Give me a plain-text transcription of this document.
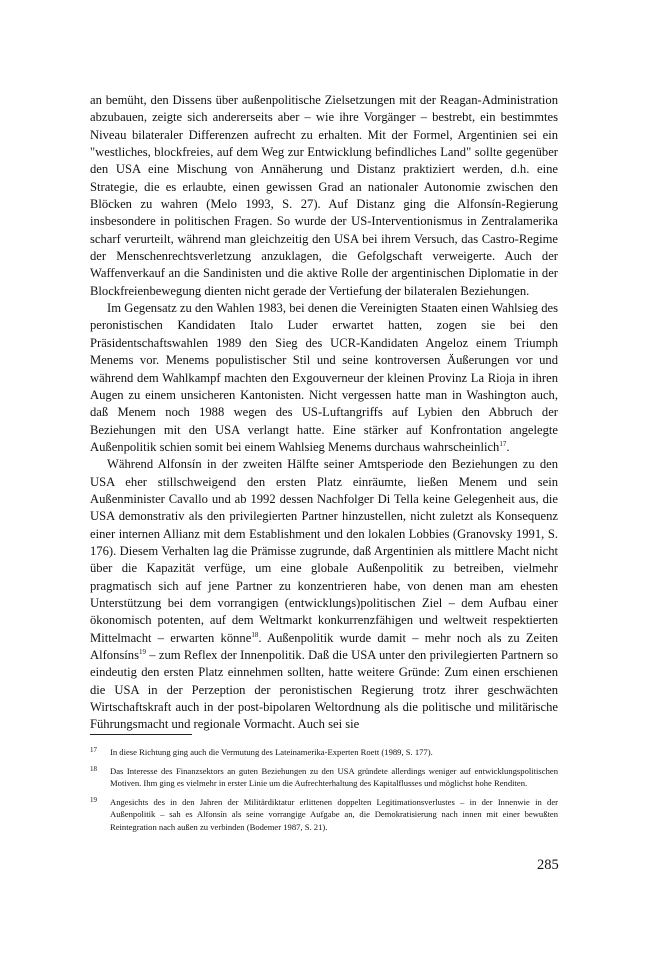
an bemüht, den Dissens über außenpolitische Zielsetzungen mit der Reagan-Administration abzubauen, zeigte sich andererseits aber – wie ihre Vorgänger – bestrebt, ein bestimmtes Niveau bilateraler Differenzen aufrecht zu erhalten. Mit der Formel, Argentinien sei ein "westliches, blockfreies, auf dem Weg zur Entwicklung befindliches Land" sollte gegenüber den USA eine Mischung von Annäherung und Distanz praktiziert werden, d.h. eine Strategie, die es erlaubte, einen gewissen Grad an nationaler Autonomie zwischen den Blöcken zu wahren (Melo 1993, S. 27). Auf Distanz ging die Alfonsín-Regierung insbesondere in politischen Fragen. So wurde der US-Interventionismus in Zentralamerika scharf verurteilt, während man gleichzeitig den USA bei ihrem Versuch, das Castro-Regime der Menschenrechtsverletzung anzuklagen, die Gefolgschaft verweigerte. Auch der Waffenverkauf an die Sandinisten und die aktive Rolle der argentinischen Diplomatie in der Blockfreienbewegung dienten nicht gerade der Vertiefung der bilateralen Beziehungen.

Im Gegensatz zu den Wahlen 1983, bei denen die Vereinigten Staaten einen Wahlsieg des peronistischen Kandidaten Italo Luder erwartet hatten, zogen sie bei den Präsidentschaftswahlen 1989 den Sieg des UCR-Kandidaten Angeloz einem Triumph Menems vor. Menems populistischer Stil und seine kontroversen Äußerungen vor und während dem Wahlkampf machten den Exgouverneur der kleinen Provinz La Rioja in ihren Augen zu einem unsicheren Kantonisten. Nicht vergessen hatte man in Washington auch, daß Menem noch 1988 wegen des US-Luftangriffs auf Lybien den Abbruch der Beziehungen mit den USA verlangt hatte. Eine stärker auf Konfrontation angelegte Außenpolitik schien somit bei einem Wahlsieg Menems durchaus wahrscheinlich$^{17}$.

Während Alfonsín in der zweiten Hälfte seiner Amtsperiode den Beziehungen zu den USA eher stillschweigend den ersten Platz einräumte, ließen Menem und sein Außenminister Cavallo und ab 1992 dessen Nachfolger Di Tella keine Gelegenheit aus, die USA demonstrativ als den privilegierten Partner hinzustellen, nicht zuletzt als Konsequenz einer internen Allianz mit dem Establishment und den lokalen Lobbies (Granovsky 1991, S. 176). Diesem Verhalten lag die Prämisse zugrunde, daß Argentinien als mittlere Macht nicht über die Kapazität verfüge, um eine globale Außenpolitik zu betreiben, vielmehr pragmatisch sich auf jene Partner zu konzentrieren habe, von denen man am ehesten Unterstützung bei dem vorrangigen (entwicklungs)politischen Ziel – dem Aufbau einer ökonomisch potenten, auf dem Weltmarkt konkurrenzfähigen und weltweit respektierten Mittelmacht – erwarten könne$^{18}$. Außenpolitik wurde damit – mehr noch als zu Zeiten Alfonsíns$^{19}$ – zum Reflex der Innenpolitik. Daß die USA unter den privilegierten Partnern so eindeutig den ersten Platz einnehmen sollten, hatte weitere Gründe: Zum einen erschienen die USA in der Perzeption der peronistischen Regierung trotz ihrer geschwächten Wirtschaftskraft auch in der post-bipolaren Weltordnung als die politische und militärische Führungsmacht und regionale Vormacht. Auch sei sie

17 In diese Richtung ging auch die Vermutung des Lateinamerika-Experten Roett (1989, S. 177).
18 Das Interesse des Finanzsektors an guten Beziehungen zu den USA gründete allerdings weniger auf entwicklungspolitischen Motiven. Ihm ging es vielmehr in erster Linie um die Aufrechterhaltung des Kapitalflusses und möglichst hohe Renditen.
19 Angesichts des in den Jahren der Militärdiktatur erlittenen doppelten Legitimationsverlustes – in der Innenwie in der Außenpolitik – sah es Alfonsín als seine vorrangige Aufgabe an, die Demokratisierung nach innen mit einer bewußten Reintegration nach außen zu verbinden (Bodemer 1987, S. 21).
285
